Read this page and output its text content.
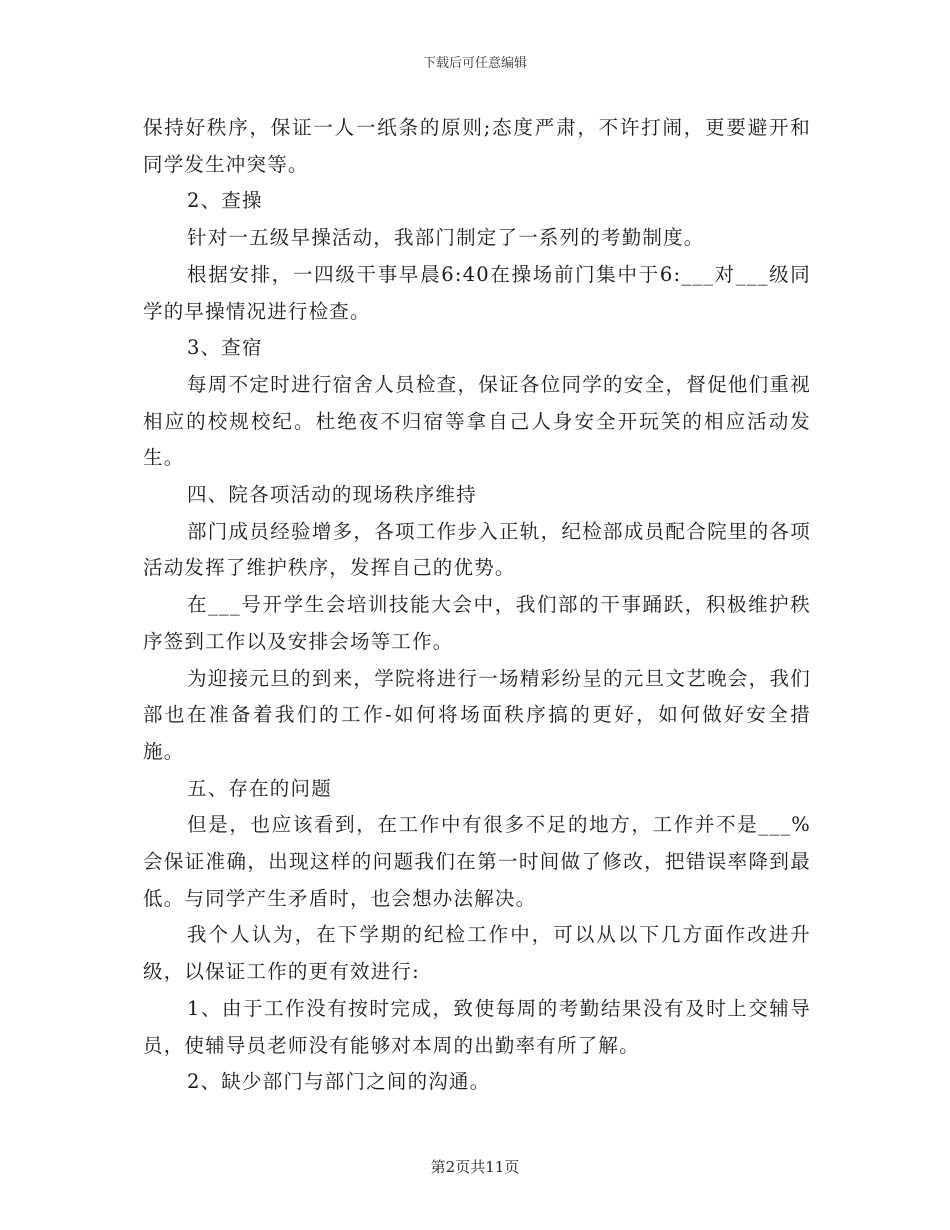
下载后可任意编辑

保持好秩序，保证一人一纸条的原则;态度严肃，不许打闹，更要避开和同学发生冲突等。

2、查操

针对一五级早操活动，我部门制定了一系列的考勤制度。

根据安排，一四级干事早晨6:40在操场前门集中于6:___对___级同学的早操情况进行检查。

3、查宿

每周不定时进行宿舍人员检查，保证各位同学的安全，督促他们重视相应的校规校纪。杜绝夜不归宿等拿自己人身安全开玩笑的相应活动发生。

四、院各项活动的现场秩序维持

部门成员经验增多，各项工作步入正轨，纪检部成员配合院里的各项活动发挥了维护秩序，发挥自己的优势。

在___号开学生会培训技能大会中，我们部的干事踊跃，积极维护秩序签到工作以及安排会场等工作。

为迎接元旦的到来，学院将进行一场精彩纷呈的元旦文艺晚会，我们部也在准备着我们的工作-如何将场面秩序搞的更好，如何做好安全措施。

五、存在的问题

但是，也应该看到，在工作中有很多不足的地方，工作并不是___%会保证准确，出现这样的问题我们在第一时间做了修改，把错误率降到最低。与同学产生矛盾时，也会想办法解决。

我个人认为，在下学期的纪检工作中，可以从以下几方面作改进升级，以保证工作的更有效进行:

1、由于工作没有按时完成，致使每周的考勤结果没有及时上交辅导员，使辅导员老师没有能够对本周的出勤率有所了解。

2、缺少部门与部门之间的沟通。

第2页共11页
